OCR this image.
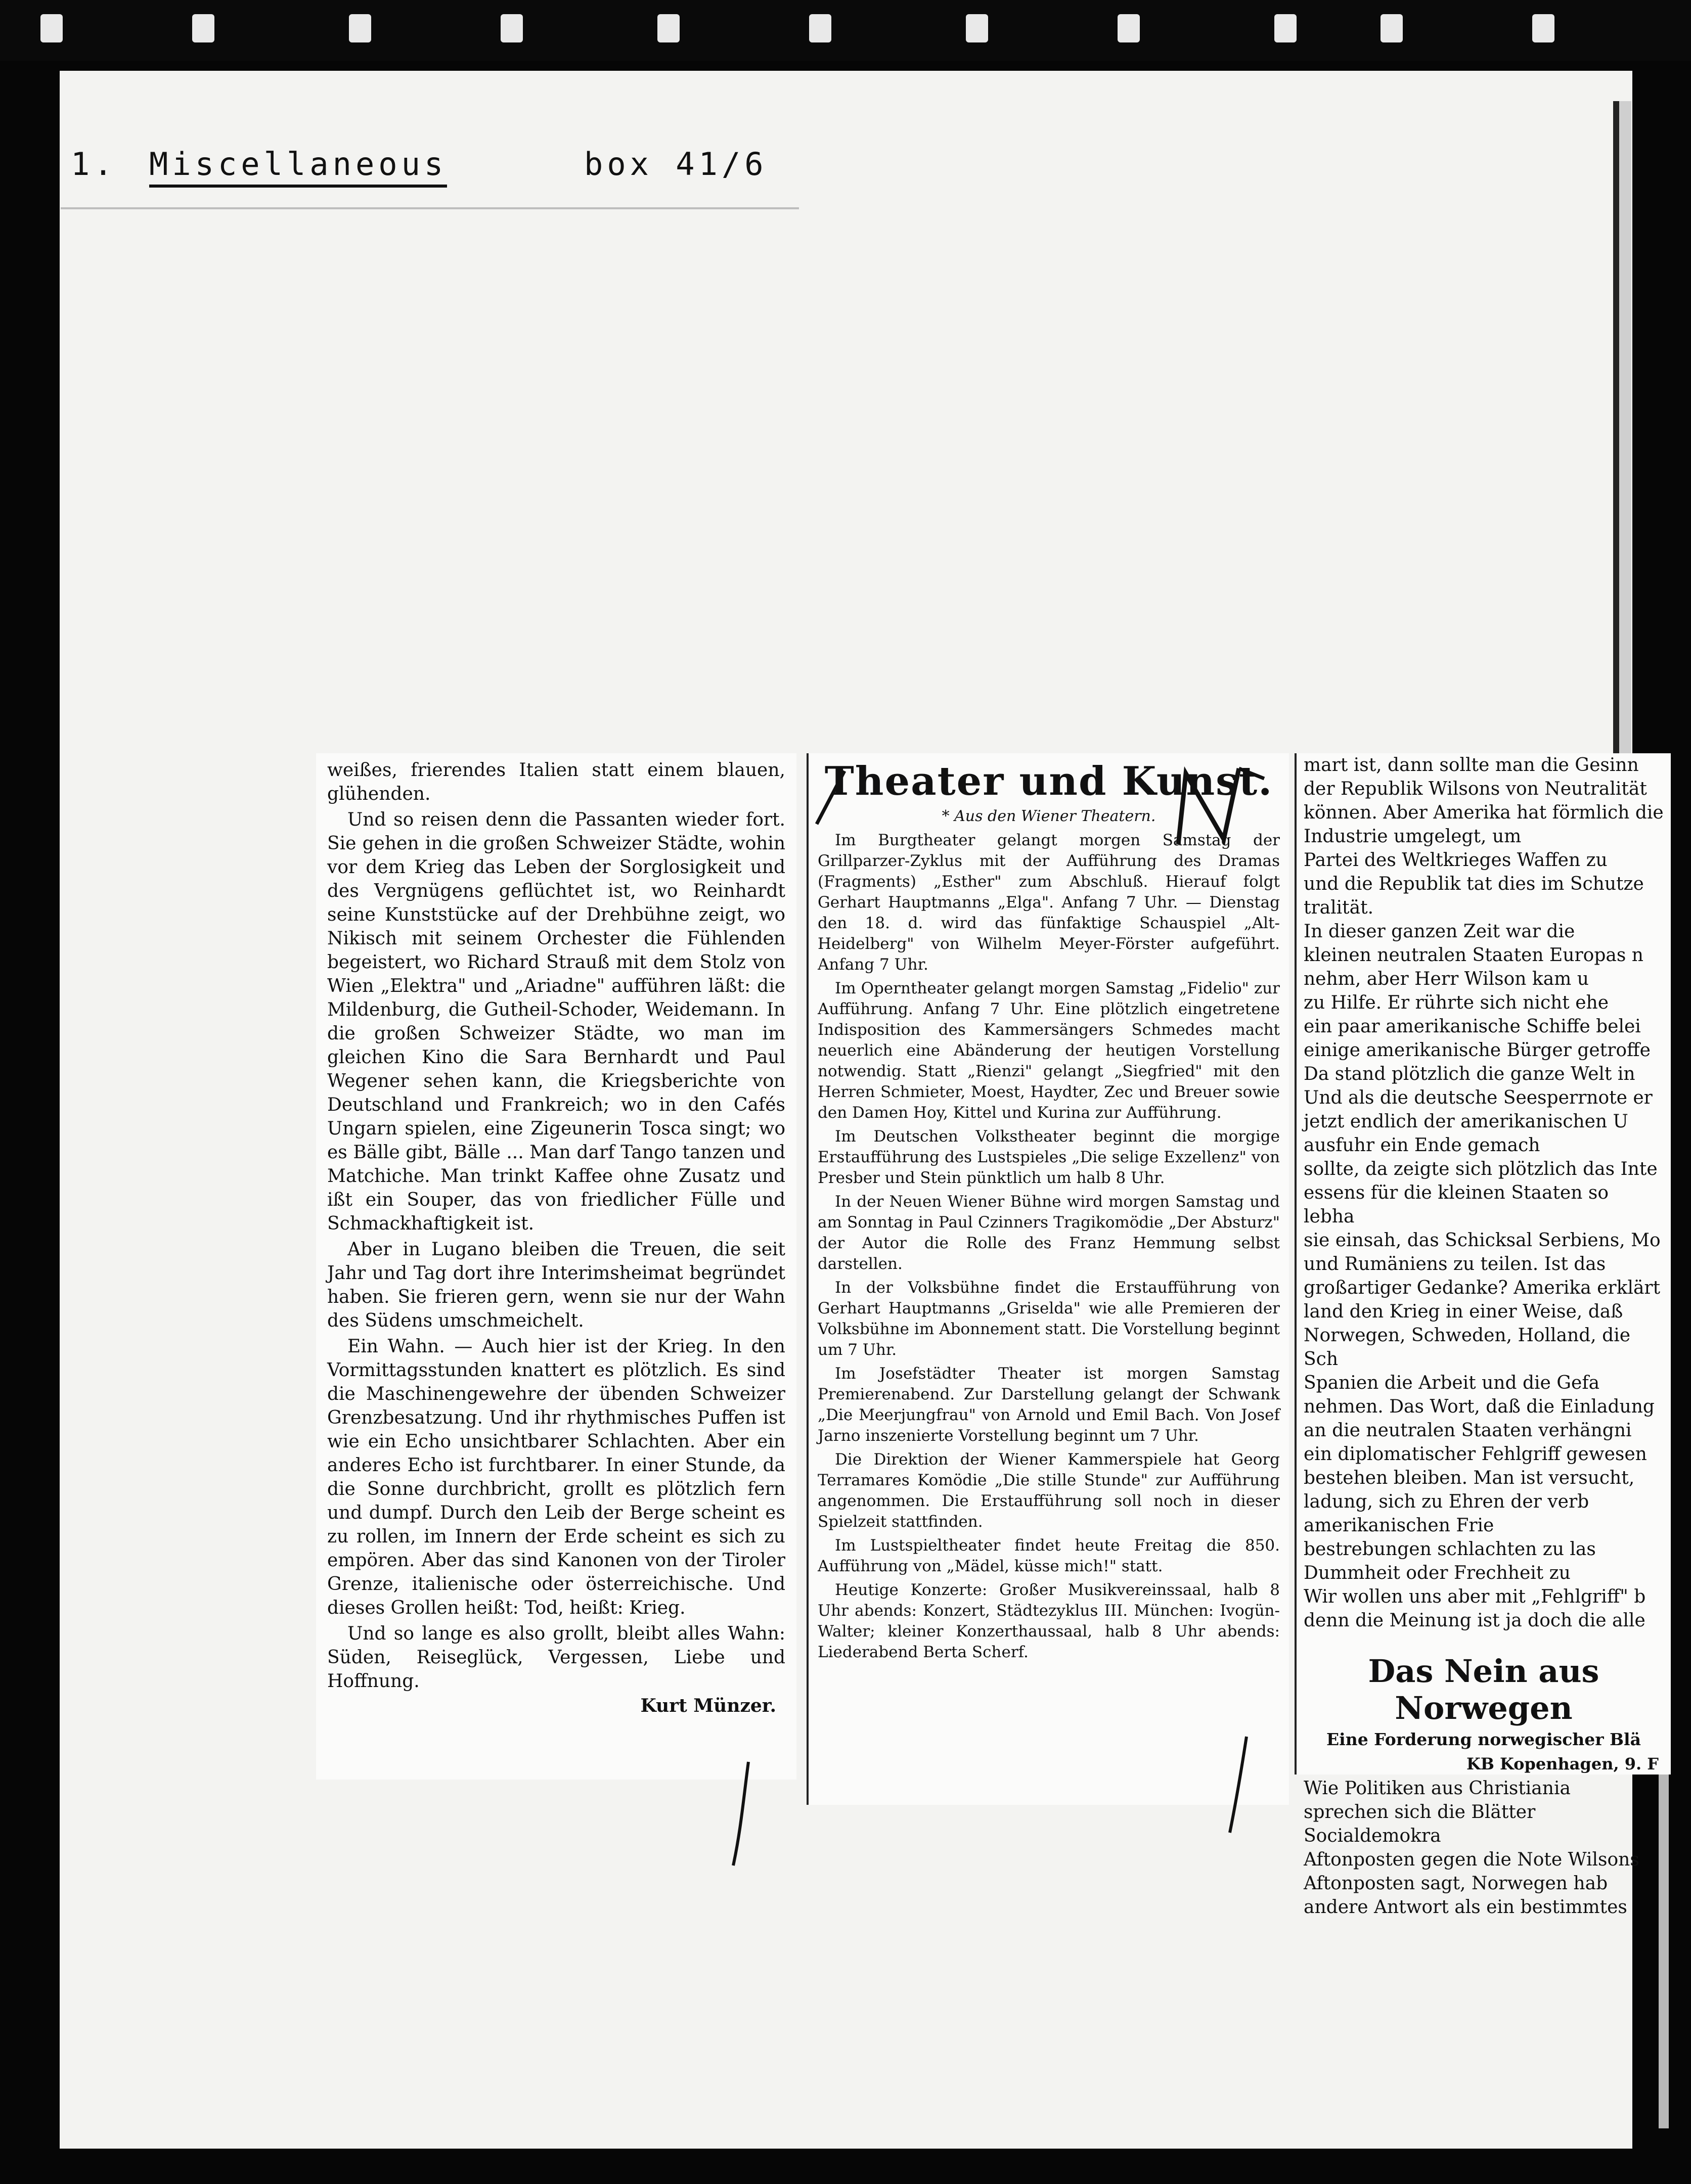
1. Miscellaneous	box 41/6

weißes, frierendes Italien statt einem blauen, glühenden.

Und so reisen denn die Passanten wieder fort. Sie gehen in die großen Schweizer Städte, wohin vor dem Krieg das Leben der Sorglosigkeit und des Vergnügens geflüchtet ist, wo Reinhardt seine Kunststücke auf der Drehbühne zeigt, wo Nikisch mit seinem Orchester die Fühlenden begeistert, wo Richard Strauß mit dem Stolz von Wien „Elektra" und „Ariadne" aufführen läßt: die Mildenburg, die Gutheil-Schoder, Weidemann. In die großen Schweizer Städte, wo man im gleichen Kino die Sara Bernhardt und Paul Wegener sehen kann, die Kriegsberichte von Deutschland und Frankreich; wo in den Cafés Ungarn spielen, eine Zigeunerin Tosca singt; wo es Bälle gibt, Bälle ... Man darf Tango tanzen und Matchiche. Man trinkt Kaffee ohne Zusatz und ißt ein Souper, das von friedlicher Fülle und Schmackhaftigkeit ist.

Aber in Lugano bleiben die Treuen, die seit Jahr und Tag dort ihre Interimsheimat begründet haben. Sie frieren gern, wenn sie nur der Wahn des Südens umschmeichelt.

Ein Wahn. — Auch hier ist der Krieg. In den Vormittagsstunden knattert es plötzlich. Es sind die Maschinengewehre der übenden Schweizer Grenzbesatzung. Und ihr rhythmisches Puffen ist wie ein Echo unsichtbarer Schlachten. Aber ein anderes Echo ist furchtbarer. In einer Stunde, da die Sonne durchbricht, grollt es plötzlich fern und dumpf. Durch den Leib der Berge scheint es zu rollen, im Innern der Erde scheint es sich zu empören. Aber das sind Kanonen von der Tiroler Grenze, italienische oder österreichische. Und dieses Grollen heißt: Tod, heißt: Krieg.

Und so lange es also grollt, bleibt alles Wahn: Süden, Reiseglück, Vergessen, Liebe und Hoffnung.

Kurt Münzer.
Theater und Kunst.
* Aus den Wiener Theatern.

Im Burgtheater gelangt morgen Samstag der Grillparzer-Zyklus mit der Aufführung des Dramas (Fragments) „Esther" zum Abschluß. Hierauf folgt Gerhart Hauptmanns „Elga". Anfang 7 Uhr. — Dienstag den 18. d. wird das fünfaktige Schauspiel „Alt-Heidelberg" von Wilhelm Meyer-Förster aufgeführt. Anfang 7 Uhr.

Im Operntheater gelangt morgen Samstag „Fidelio" zur Aufführung. Anfang 7 Uhr. Eine plötzlich eingetretene Indisposition des Kammersängers Schmedes macht neuerlich eine Abänderung der heutigen Vorstellung notwendig. Statt „Rienzi" gelangt „Siegfried" mit den Herren Schmieter, Moest, Haydter, Zec und Breuer sowie den Damen Hoy, Kittel und Kurina zur Aufführung.

Im Deutschen Volkstheater beginnt die morgige Erstaufführung des Lustspieles „Die selige Exzellenz" von Presber und Stein pünktlich um halb 8 Uhr.

In der Neuen Wiener Bühne wird morgen Samstag und am Sonntag in Paul Czinners Tragikomödie „Der Absturz" der Autor die Rolle des Franz Hemmung selbst darstellen.

In der Volksbühne findet die Erstaufführung von Gerhart Hauptmanns „Griselda" wie alle Premieren der Volksbühne im Abonnement statt. Die Vorstellung beginnt um 7 Uhr.

Im Josefstädter Theater ist morgen Samstag Premierenabend. Zur Darstellung gelangt der Schwank „Die Meerjungfrau" von Arnold und Emil Bach. Von Josef Jarno inszenierte Vorstellung beginnt um 7 Uhr.

Die Direktion der Wiener Kammerspiele hat Georg Terramares Komödie „Die stille Stunde" zur Aufführung angenommen. Die Erstaufführung soll noch in dieser Spielzeit stattfinden.

Im Lustspieltheater findet heute Freitag die 850. Aufführung von „Mädel, küsse mich!" statt.

Heutige Konzerte: Großer Musikvereinssaal, halb 8 Uhr abends: Konzert, Städtezyklus III. München: Ivogün-Walter; kleiner Konzerthaussaal, halb 8 Uhr abends: Liederabend Berta Scherf.

mart ist, dann sollte man die Gesinn
der Republik Wilsons von Neutralität
können. Aber Amerika hat förmlich die
Industrie umgelegt, um
Partei des Weltkrieges Waffen zu
und die Republik tat dies im Schutze
tralität.
In dieser ganzen Zeit war die
kleinen neutralen Staaten Europas n
nehm, aber Herr Wilson kam u
zu Hilfe. Er rührte sich nicht ehe
ein paar amerikanische Schiffe belei
einige amerikanische Bürger getroffe
Da stand plötzlich die ganze Welt in
Und als die deutsche Seesperrnote er
jetzt endlich der amerikanischen U
ausfuhr ein Ende gemach
sollte, da zeigte sich plötzlich das Inte
essens für die kleinen Staaten so lebha
sie einsah, das Schicksal Serbiens, Mo
und Rumäniens zu teilen. Ist das
großartiger Gedanke? Amerika erklärt
land den Krieg in einer Weise, daß
Norwegen, Schweden, Holland, die Sch
Spanien die Arbeit und die Gefa
nehmen. Das Wort, daß die Einladung
an die neutralen Staaten verhängni
ein diplomatischer Fehlgriff gewesen
bestehen bleiben. Man ist versucht,
ladung, sich zu Ehren der verb
amerikanischen Frie
bestrebungen schlachten zu las
Dummheit oder Frechheit zu
Wir wollen uns aber mit „Fehlgriff" b
denn die Meinung ist ja doch die alle
Das Nein aus Norwegen
Eine Forderung norwegischer Blä
KB Kopenhagen, 9. F
Wie Politiken aus Christiania
sprechen sich die Blätter Socialdemokra
Aftonposten gegen die Note Wilsons
Aftonposten sagt, Norwegen hab
andere Antwort als ein bestimmtes
